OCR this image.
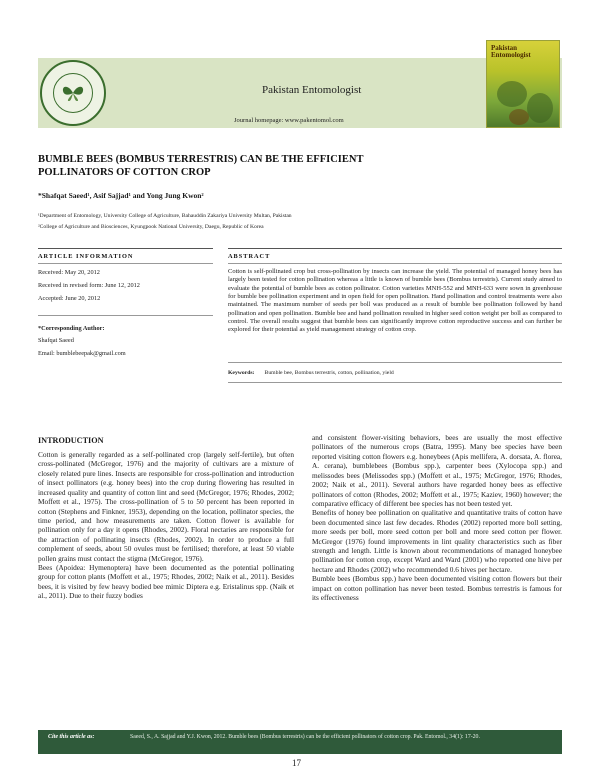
Pakistan Entomologist
Journal homepage: www.pakentomol.com
Pakistan
Entomologist
BUMBLE BEES (BOMBUS TERRESTRIS) CAN BE THE EFFICIENT
POLLINATORS OF COTTON CROP
*Shafqat Saeed¹, Asif Sajjad¹ and Yong Jung Kwon²
¹Department of Entomology, University College of Agriculture, Bahauddin Zakariya University Multan, Pakistan
²College of Agriculture and Biosciences, Kyungpook National University, Daegu, Republic of Korea
ARTICLE INFORMATION
Received: May 20, 2012
Received in revised form: June 12, 2012
Accepted: June 20, 2012
*Corresponding Author:
Shafqat Saeed
Email: bumblebeepak@gmail.com
ABSTRACT
Cotton is self-pollinated crop but cross-pollination by insects can increase the yield. The potential of managed honey bees has largely been tested for cotton pollination whereas a little is known of bumble bees (Bombus terrestris). Current study aimed to evaluate the potential of bumble bees as cotton pollinator. Cotton varieties MNH-552 and MNH-633 were sown in greenhouse for bumble bee pollination experiment and in open field for open pollination. Hand pollination and control treatments were also maintained. The maximum number of seeds per boll was produced as a result of bumble bee pollination followed by hand pollination and open pollination. Bumble bee and hand pollination resulted in higher seed cotton weight per boll as compared to control. The overall results suggest that bumble bees can significantly improve cotton reproductive success and can further be explored for their potential as yield management strategy of cotton crop.
Keywords: Bumble bee, Bombus terrestris, cotton, pollination, yield
INTRODUCTION

Cotton is generally regarded as a self-pollinated crop (largely self-fertile), but often cross-pollinated (McGregor, 1976) and the majority of cultivars are a mixture of closely related pure lines. Insects are responsible for cross-pollination and introduction of insect pollinators (e.g. honey bees) into the crop during flowering has resulted in increased quality and quantity of cotton lint and seed (McGregor, 1976; Rhodes, 2002; Moffett et al., 1975). The cross-pollination of 5 to 50 percent has been reported in cotton (Stephens and Finkner, 1953), depending on the location, pollinator species, the time period, and how measurements are taken. Cotton flower is available for pollination only for a day it opens (Rhodes, 2002). Floral nectaries are responsible for the attraction of pollinating insects (Rhodes, 2002). In order to produce a full complement of seeds, about 50 ovules must be fertilised; therefore, at least 50 viable pollen grains must contact the stigma (McGregor, 1976).

Bees (Apoidea: Hymenoptera) have been documented as the potential pollinating group for cotton plants (Moffett et al., 1975; Rhodes, 2002; Naik et al., 2011). Besides bees, it is visited by few heavy bodied bee mimic Diptera e.g. Eristalinus spp. (Naik et al., 2011). Due to their fuzzy bodies

and consistent flower-visiting behaviors, bees are usually the most effective pollinators of the numerous crops (Batra, 1995). Many bee species have been reported visiting cotton flowers e.g. honeybees (Apis mellifera, A. dorsata, A. florea, A. cerana), bumblebees (Bombus spp.), carpenter bees (Xylocopa spp.) and melissodes bees (Melissodes spp.) (Moffett et al., 1975; McGregor, 1976; Rhodes, 2002; Naik et al., 2011). Several authors have regarded honey bees as effective pollinators of cotton (Rhodes, 2002; Moffett et al., 1975; Kaziev, 1960) however; the comparative efficacy of different bee species has not been tested yet.

Benefits of honey bee pollination on qualitative and quantitative traits of cotton have been documented since last few decades. Rhodes (2002) reported more boll setting, more seeds per boll, more seed cotton per boll and more seed cotton per flower. McGregor (1976) found improvements in lint quality characteristics such as fiber strength and length. Little is known about recommendations of managed honeybee pollination for cotton crop, except Ward and Ward (2001) who reported one hive per hectare and Rhodes (2002) who recommended 0.6 hives per hectare.

Bumble bees (Bombus spp.) have been documented visiting cotton flowers but their impact on cotton pollination has never been tested. Bombus terrestris is famous for its effectiveness

Cite this article as:	Saeed, S., A. Sajjad and Y.J. Kwon, 2012. Bumble bees (Bombus terrestris) can be the efficient pollinators of cotton crop. Pak. Entomol., 34(1): 17-20.
17
